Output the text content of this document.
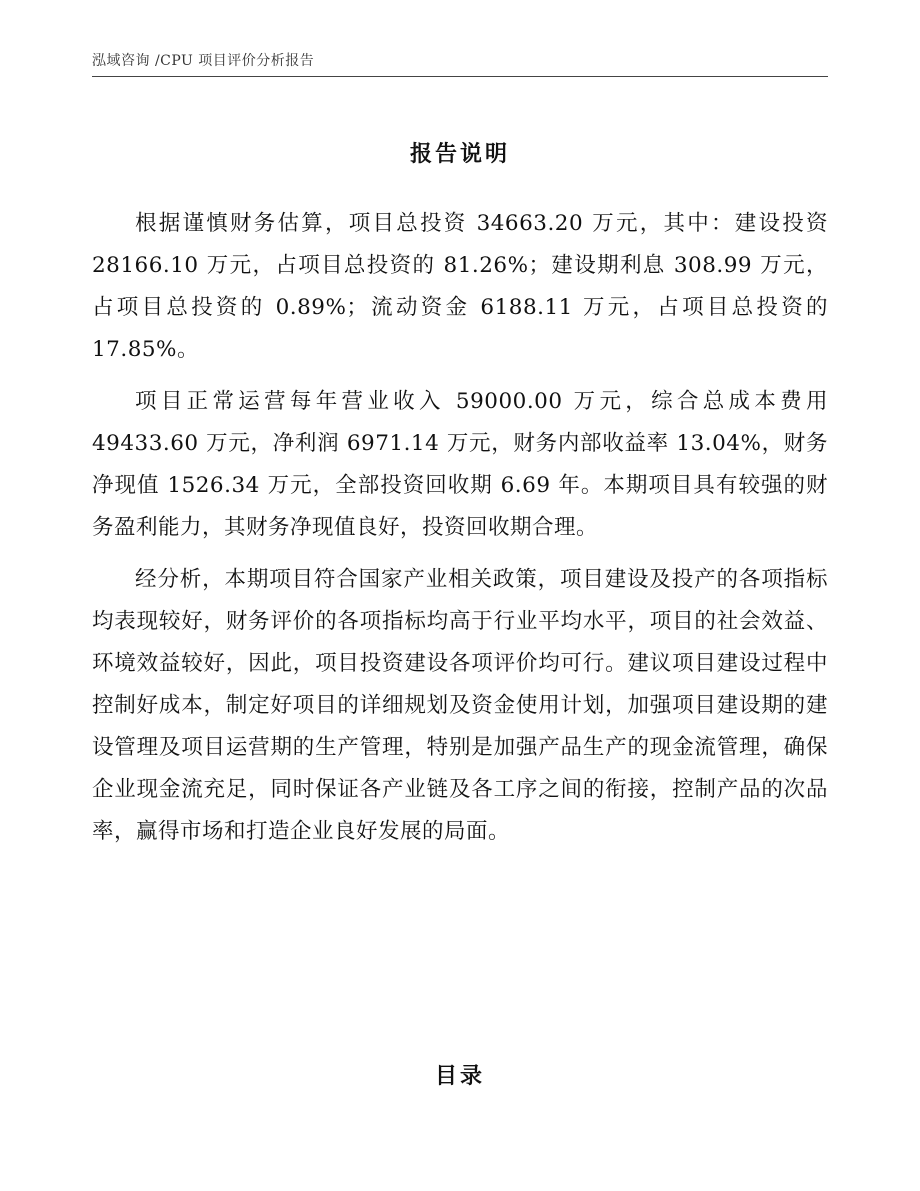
泓域咨询 /CPU 项目评价分析报告
报告说明

根据谨慎财务估算，项目总投资 34663.20 万元，其中：建设投资 28166.10 万元，占项目总投资的 81.26%；建设期利息 308.99 万元，占项目总投资的 0.89%；流动资金 6188.11 万元，占项目总投资的 17.85%。

项目正常运营每年营业收入 59000.00 万元，综合总成本费用 49433.60 万元，净利润 6971.14 万元，财务内部收益率 13.04%，财务净现值 1526.34 万元，全部投资回收期 6.69 年。本期项目具有较强的财务盈利能力，其财务净现值良好，投资回收期合理。

经分析，本期项目符合国家产业相关政策，项目建设及投产的各项指标均表现较好，财务评价的各项指标均高于行业平均水平，项目的社会效益、环境效益较好，因此，项目投资建设各项评价均可行。建议项目建设过程中控制好成本，制定好项目的详细规划及资金使用计划，加强项目建设期的建设管理及项目运营期的生产管理，特别是加强产品生产的现金流管理，确保企业现金流充足，同时保证各产业链及各工序之间的衔接，控制产品的次品率，赢得市场和打造企业良好发展的局面。

目录
